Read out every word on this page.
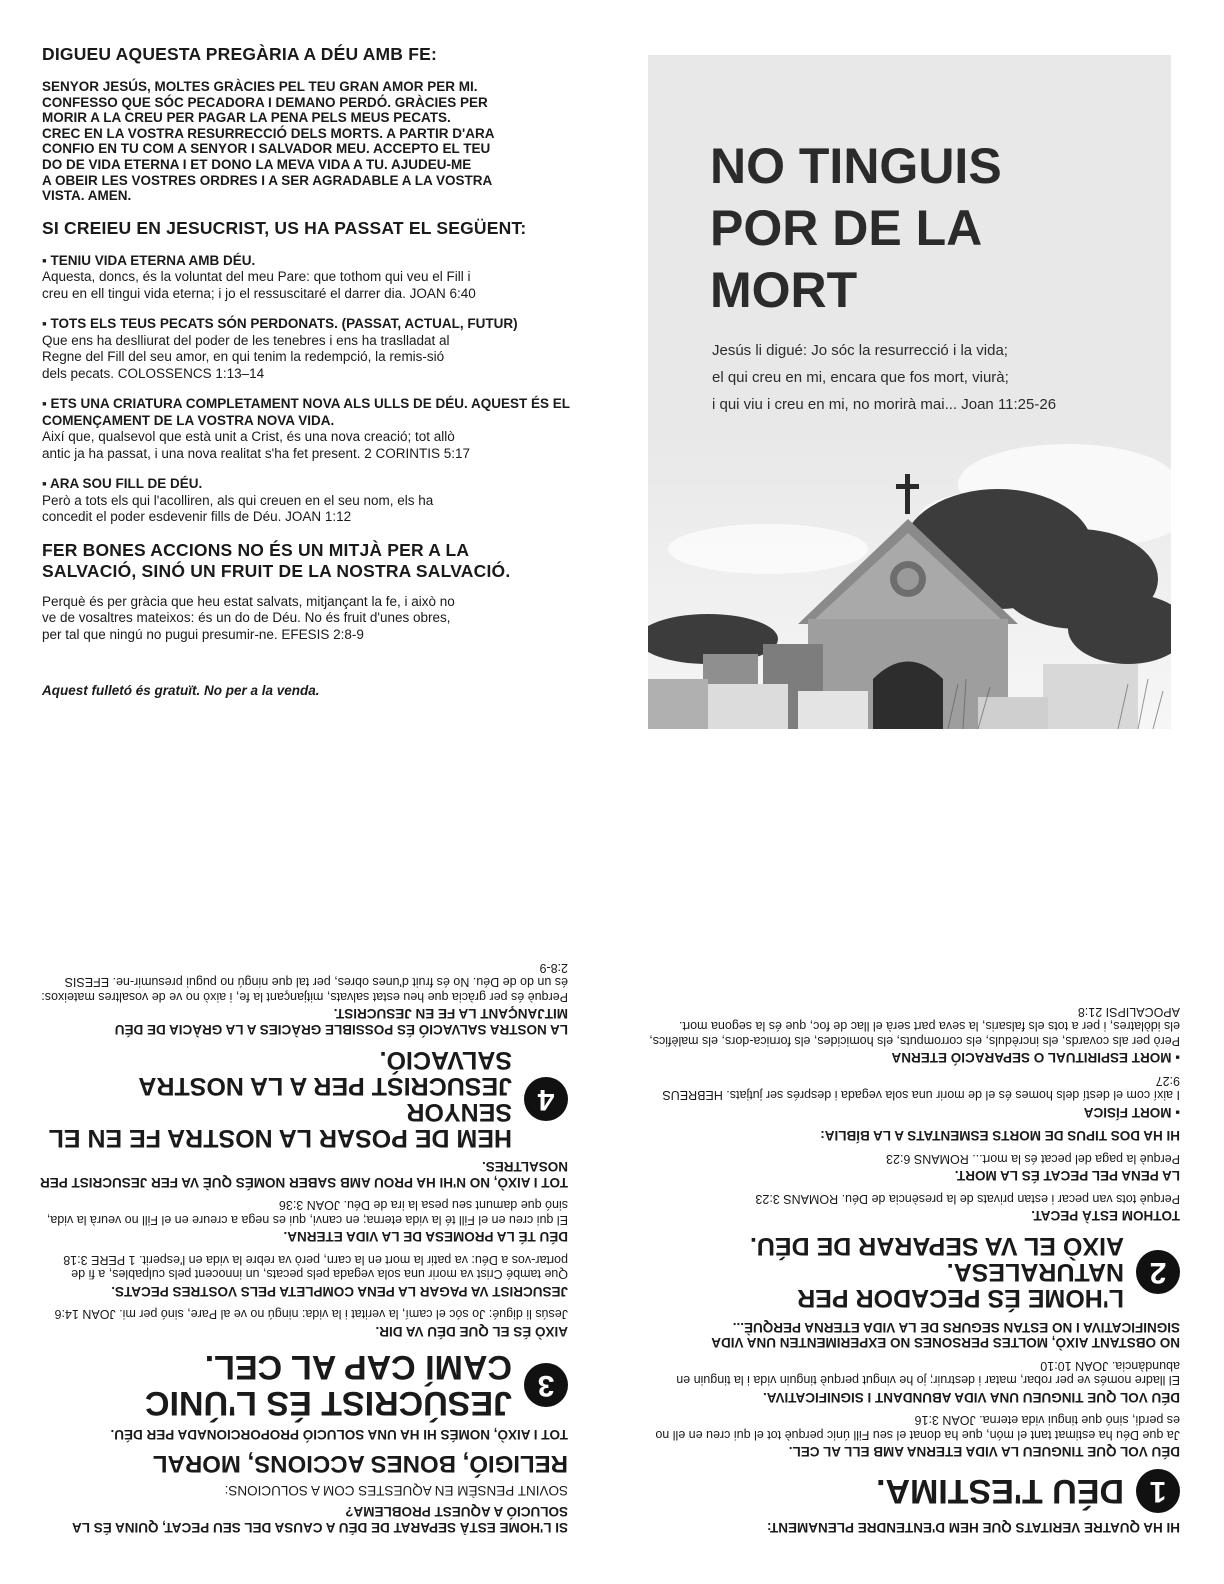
DIGUEU AQUESTA PREGÀRIA A DÉU AMB FE:

SENYOR JESÚS, MOLTES GRÀCIES PEL TEU GRAN AMOR PER MI.
CONFESSO QUE SÓC PECADORA I DEMANO PERDÓ. GRÀCIES PER
MORIR A LA CREU PER PAGAR LA PENA PELS MEUS PECATS.
CREC EN LA VOSTRA RESURRECCIÓ DELS MORTS. A PARTIR D'ARA
CONFIO EN TU COM A SENYOR I SALVADOR MEU. ACCEPTO EL TEU
DO DE VIDA ETERNA I ET DONO LA MEVA VIDA A TU. AJUDEU-ME
A OBEIR LES VOSTRES ORDRES I A SER AGRADABLE A LA VOSTRA
VISTA. AMEN.

SI CREIEU EN JESUCRIST, US HA PASSAT EL SEGÜENT:

▪ TENIU VIDA ETERNA AMB DÉU.
Aquesta, doncs, és la voluntat del meu Pare: que tothom qui veu el Fill i
creu en ell tingui vida eterna; i jo el ressuscitaré el darrer dia. JOAN 6:40
▪ TOTS ELS TEUS PECATS SÓN PERDONATS. (PASSAT, ACTUAL, FUTUR)
Que ens ha deslliurat del poder de les tenebres i ens ha traslladat al
Regne del Fill del seu amor, en qui tenim la redempció, la remis-sió
dels pecats. COLOSSENCS 1:13–14
▪ ETS UNA CRIATURA COMPLETAMENT NOVA ALS ULLS DE DÉU. AQUEST ÉS EL COMENÇAMENT DE LA VOSTRA NOVA VIDA.
Així que, qualsevol que està unit a Crist, és una nova creació; tot allò
antic ja ha passat, i una nova realitat s'ha fet present. 2 CORINTIS 5:17
▪ ARA SOU FILL DE DÉU.
Però a tots els qui l'acolliren, als qui creuen en el seu nom, els ha
concedit el poder esdevenir fills de Déu. JOAN 1:12
FER BONES ACCIONS NO ÉS UN MITJÀ PER A LA
SALVACIÓ, SINÓ UN FRUIT DE LA NOSTRA SALVACIÓ.
Perquè és per gràcia que heu estat salvats, mitjançant la fe, i això no
ve de vosaltres mateixos: és un do de Déu. No és fruit d'unes obres,
per tal que ningú no pugui presumir-ne. EFESIS 2:8-9
Aquest fulletó és gratuït. No per a la venda.
NO TINGUIS
POR DE LA
MORT

Jesús li digué: Jo sóc la resurrecció i la vida;
el qui creu en mi, encara que fos mort, viurà;
i qui viu i creu en mi, no morirà mai... Joan 11:25-26

HI HA QUATRE VERITATS QUE HEM D'ENTENDRE PLENAMENT:

1

DÉU T'ESTIMA.

DÉU VOL QUE TINGUEU LA VIDA ETERNA AMB ELL AL CEL.
Ja que Déu ha estimat tant el món, que ha donat el seu Fill únic perquè tot el qui creu en ell no es perdi, sinó que tingui vida eterna. JOAN 3:16
DÉU VOL QUE TINGUEU UNA VIDA ABUNDANT I SIGNIFICATIVA.
El lladre només ve per robar, matar i destruir; jo he vingut perquè tinguin vida i la tinguin en abundància. JOAN 10:10
NO OBSTANT AIXÒ, MOLTES PERSONES NO EXPERIMENTEN UNA VIDA SIGNIFICATIVA I NO ESTAN SEGURS DE LA VIDA ETERNA PERQUÈ...
2
L'HOME ÉS PECADOR PER NATURALESA.
AIXÒ EL VA SEPARAR DE DÉU.
TOTHOM ESTÀ PECAT.
Perquè tots van pecar i estan privats de la presència de Déu. ROMANS 3:23
LA PENA PEL PECAT ÉS LA MORT.
Perquè la paga del pecat és la mort... ROMANS 6:23
HI HA DOS TIPUS DE MORTS ESMENTATS A LA BÍBLIA:
▪ MORT FÍSICA
I així com el destí dels homes és el de morir una sola vegada i després ser jutjats. HEBREUS 9:27
▪ MORT ESPIRITUAL O SEPARACIÓ ETERNA
Però per als covards, els incrèduls, els corromputs, els homicides, els fornica-dors, els malèfics, els idòlatres, i per a tots els falsaris, la seva part serà el llac de foc, que és la segona mort. APOCALIPSI 21:8

SI L'HOME ESTÀ SEPARAT DE DÉU A CAUSA DEL SEU PECAT, QUINA ÉS LA SOLUCIÓ A AQUEST PROBLEMA?

SOVINT PENSÈM EN AQUESTES COM A SOLUCIONS:

RELIGIÓ, BONES ACCIONS, MORAL

TOT I AIXÒ, NOMÉS HI HA UNA SOLUCIÓ PROPORCIONADA PER DÉU.

3
JESÚCRIST ÉS L'ÚNIC
CAMÍ CAP AL CEL.
AIXÒ ÉS EL QUE DÉU VA DIR.
Jesús li digué: Jo sóc el camí, la veritat i la vida: ningú no ve al Pare, sinó per mi. JOAN 14:6
JESUCRIST VA PAGAR LA PENA COMPLETA PELS VOSTRES PECATS.
Que també Crist va morir una sola vegada pels pecats, un innocent pels culpables, a fi de portar-vos a Déu: va patir la mort en la carn, però va rebre la vida en l'esperit. 1 PERE 3:18
DÉU TÉ LA PROMESA DE LA VIDA ETERNA.
El qui creu en el Fill té la vida eterna; en canvi, qui es nega a creure en el Fill no veurà la vida, sinó que damunt seu pesa la ira de Déu. JOAN 3:36
TOT I AIXÒ, NO N'HI HA PROU AMB SABER NOMÉS QUÈ VA FER JESUCRIST PER NOSALTRES.
4
HEM DE POSAR LA NOSTRA FE EN EL SENYOR
JESUCRIST PER A LA NOSTRA SALVACIÓ.
LA NOSTRA SALVACIÓ ÉS POSSIBLE GRÀCIES A LA GRÀCIA DE DÉU MITJANÇANT LA FE EN JESUCRIST.
Perquè és per gràcia que heu estat salvats, mitjançant la fe, i això no ve de vosaltres mateixos: és un do de Déu. No és fruit d'unes obres, per tal que ningú no pugui presumir-ne. EFESIS 2:8-9
